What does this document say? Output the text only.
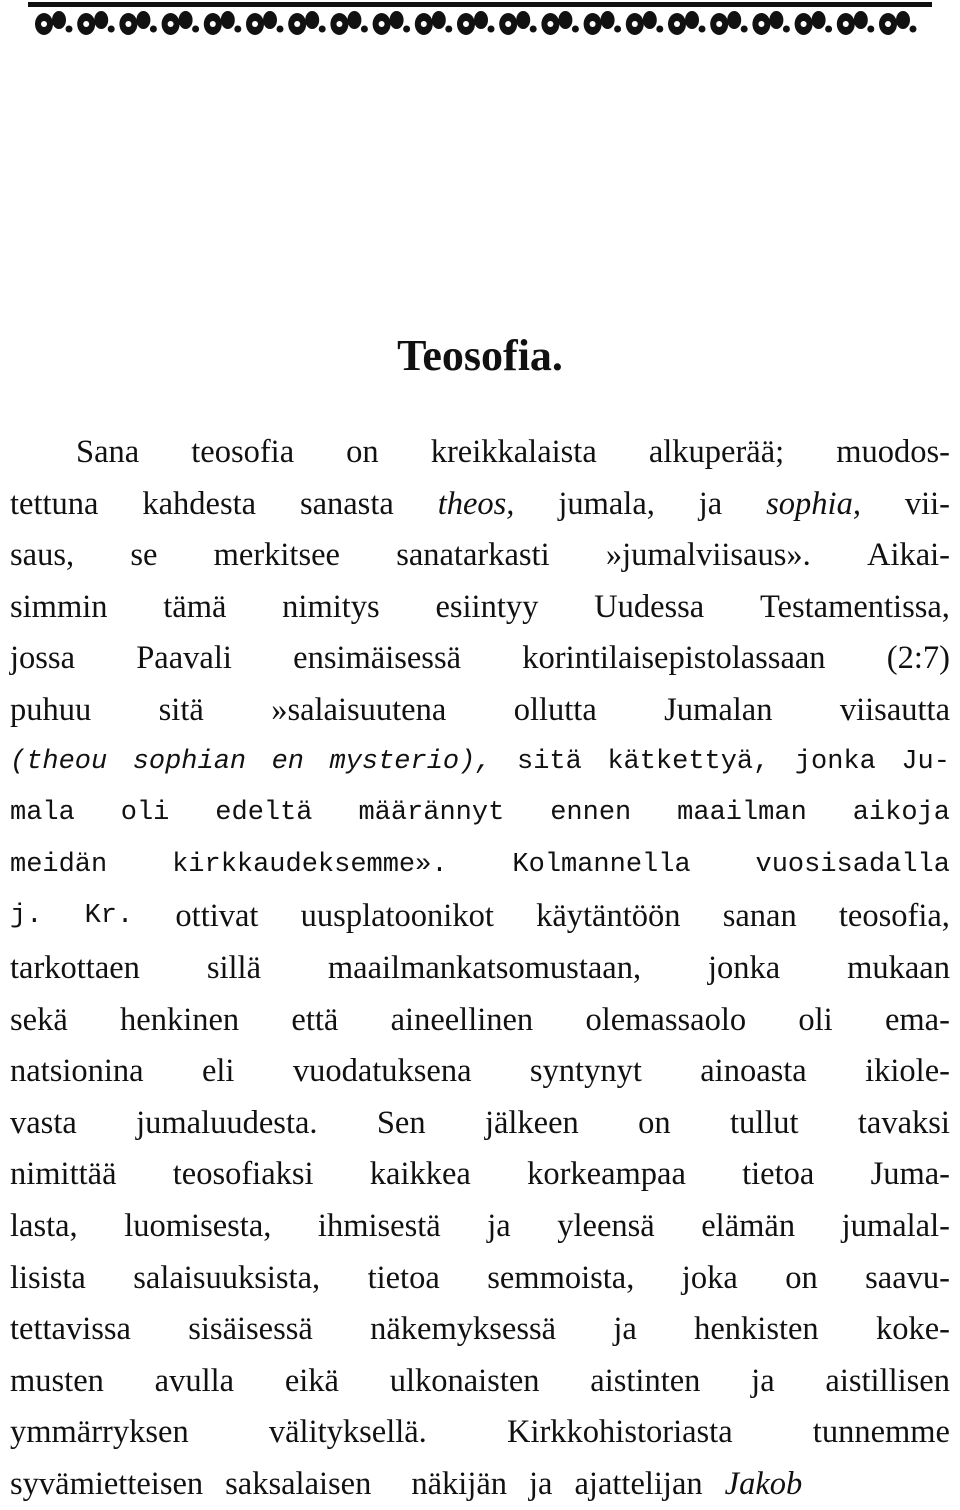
Teosofia.
Sana teosofia on kreikkalaista alkuperää; muodos-
tettuna kahdesta sanasta theos, jumala, ja sophia, vii-
saus, se merkitsee sanatarkasti »jumalviisaus». Aikai-
simmin tämä nimitys esiintyy Uudessa Testamentissa,
jossa Paavali ensimäisessä korintilaisepistolassaan (2:7)
puhuu sitä »salaisuutena ollutta Jumalan viisautta
(theou sophian en mysterio), sitä kätkettyä, jonka Ju-
mala oli edeltä määrännyt ennen maailman aikoja
meidän kirkkaudeksemme». Kolmannella vuosisadalla
j. Kr. ottivat uusplatoonikot käytäntöön sanan teosofia,
tarkottaen sillä maailmankatsomustaan, jonka mukaan
sekä henkinen että aineellinen olemassaolo oli ema-
natsionina eli vuodatuksena syntynyt ainoasta ikiole-
vasta jumaluudesta. Sen jälkeen on tullut tavaksi
nimittää teosofiaksi kaikkea korkeampaa tietoa Juma-
lasta, luomisesta, ihmisestä ja yleensä elämän jumalal-
lisista salaisuuksista, tietoa semmoista, joka on saavu-
tettavissa sisäisessä näkemyksessä ja henkisten koke-
musten avulla eikä ulkonaisten aistinten ja aistillisen
ymmärryksen välityksellä. Kirkkohistoriasta tunnemme
syvämietteisen saksalaisen näkijän ja ajattelijan Jakob
